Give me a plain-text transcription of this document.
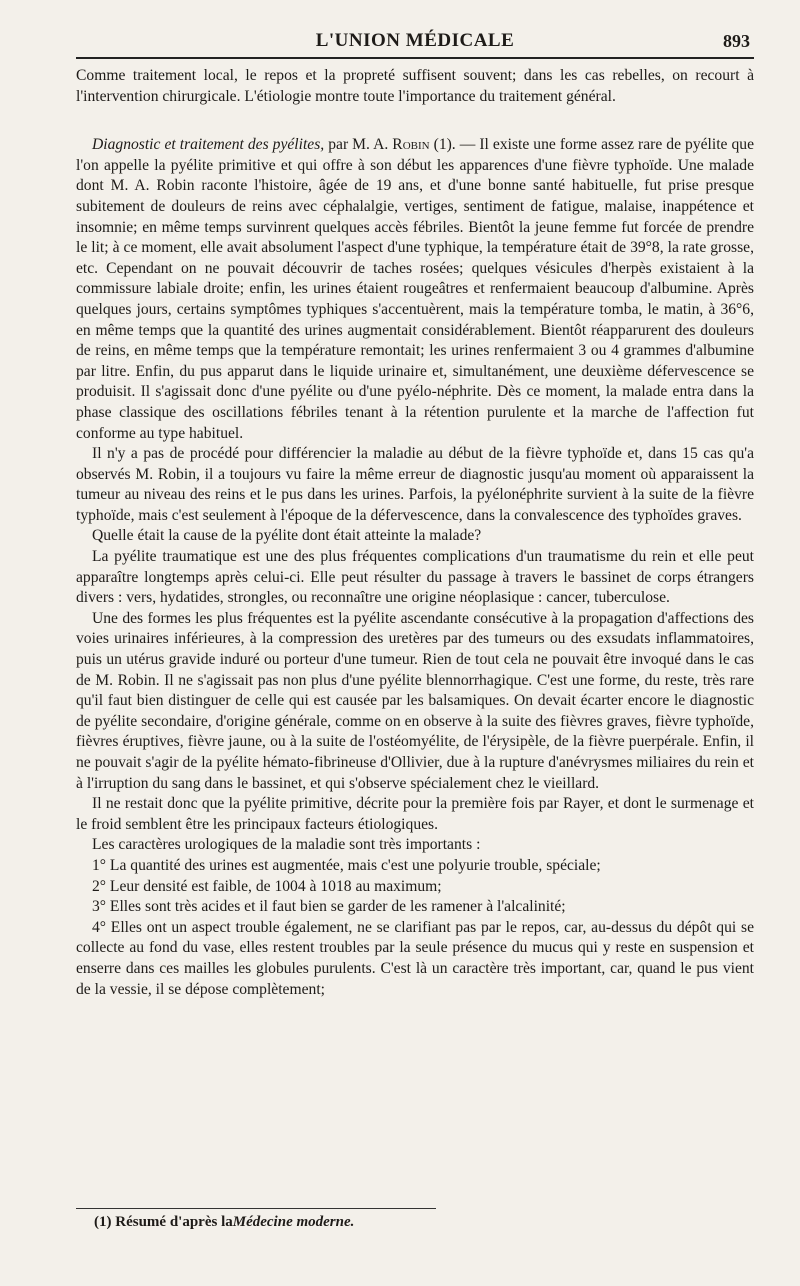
L'UNION MÉDICALE	893

Comme traitement local, le repos et la propreté suffisent souvent; dans les cas rebelles, on recourt à l'intervention chirurgicale. L'étiologie montre toute l'importance du traitement général.

Diagnostic et traitement des pyélites, par M. A. Robin (1). — Il existe une forme assez rare de pyélite que l'on appelle la pyélite primitive et qui offre à son début les apparences d'une fièvre typhoïde. Une malade dont M. A. Robin raconte l'histoire, âgée de 19 ans, et d'une bonne santé habituelle, fut prise presque subitement de douleurs de reins avec céphalalgie, vertiges, sentiment de fatigue, malaise, inappétence et insomnie; en même temps survinrent quelques accès fébriles. Bientôt la jeune femme fut forcée de prendre le lit; à ce moment, elle avait absolument l'aspect d'une typhique, la température était de 39°8, la rate grosse, etc. Cependant on ne pouvait découvrir de taches rosées; quelques vésicules d'herpès existaient à la commissure labiale droite; enfin, les urines étaient rougeâtres et renfermaient beaucoup d'albumine. Après quelques jours, certains symptômes typhiques s'accentuèrent, mais la température tomba, le matin, à 36°6, en même temps que la quantité des urines augmentait considérablement. Bientôt réapparurent des douleurs de reins, en même temps que la température remontait; les urines renfermaient 3 ou 4 grammes d'albumine par litre. Enfin, du pus apparut dans le liquide urinaire et, simultanément, une deuxième défervescence se produisit. Il s'agissait donc d'une pyélite ou d'une pyélo-néphrite. Dès ce moment, la malade entra dans la phase classique des oscillations fébriles tenant à la rétention purulente et la marche de l'affection fut conforme au type habituel.

Il n'y a pas de procédé pour différencier la maladie au début de la fièvre typhoïde et, dans 15 cas qu'a observés M. Robin, il a toujours vu faire la même erreur de diagnostic jusqu'au moment où apparaissent la tumeur au niveau des reins et le pus dans les urines. Parfois, la pyélonéphrite survient à la suite de la fièvre typhoïde, mais c'est seulement à l'époque de la défervescence, dans la convalescence des typhoïdes graves.

Quelle était la cause de la pyélite dont était atteinte la malade?

La pyélite traumatique est une des plus fréquentes complications d'un traumatisme du rein et elle peut apparaître longtemps après celui-ci. Elle peut résulter du passage à travers le bassinet de corps étrangers divers : vers, hydatides, strongles, ou reconnaître une origine néoplasique : cancer, tuberculose.

Une des formes les plus fréquentes est la pyélite ascendante consécutive à la propagation d'affections des voies urinaires inférieures, à la compression des uretères par des tumeurs ou des exsudats inflammatoires, puis un utérus gravide induré ou porteur d'une tumeur. Rien de tout cela ne pouvait être invoqué dans le cas de M. Robin. Il ne s'agissait pas non plus d'une pyélite blennorrhagique. C'est une forme, du reste, très rare qu'il faut bien distinguer de celle qui est causée par les balsamiques. On devait écarter encore le diagnostic de pyélite secondaire, d'origine générale, comme on en observe à la suite des fièvres graves, fièvre typhoïde, fièvres éruptives, fièvre jaune, ou à la suite de l'ostéomyélite, de l'érysipèle, de la fièvre puerpérale. Enfin, il ne pouvait s'agir de la pyélite hémato-fibrineuse d'Ollivier, due à la rupture d'anévrysmes miliaires du rein et à l'irruption du sang dans le bassinet, et qui s'observe spécialement chez le vieillard.

Il ne restait donc que la pyélite primitive, décrite pour la première fois par Rayer, et dont le surmenage et le froid semblent être les principaux facteurs étiologiques.

Les caractères urologiques de la maladie sont très importants :

1° La quantité des urines est augmentée, mais c'est une polyurie trouble, spéciale;

2° Leur densité est faible, de 1004 à 1018 au maximum;

3° Elles sont très acides et il faut bien se garder de les ramener à l'alcalinité;

4° Elles ont un aspect trouble également, ne se clarifiant pas par le repos, car, au-dessus du dépôt qui se collecte au fond du vase, elles restent troubles par la seule présence du mucus qui y reste en suspension et enserre dans ces mailles les globules purulents. C'est là un caractère très important, car, quand le pus vient de la vessie, il se dépose complètement;

(1) Résumé d'après laMédecine moderne.
